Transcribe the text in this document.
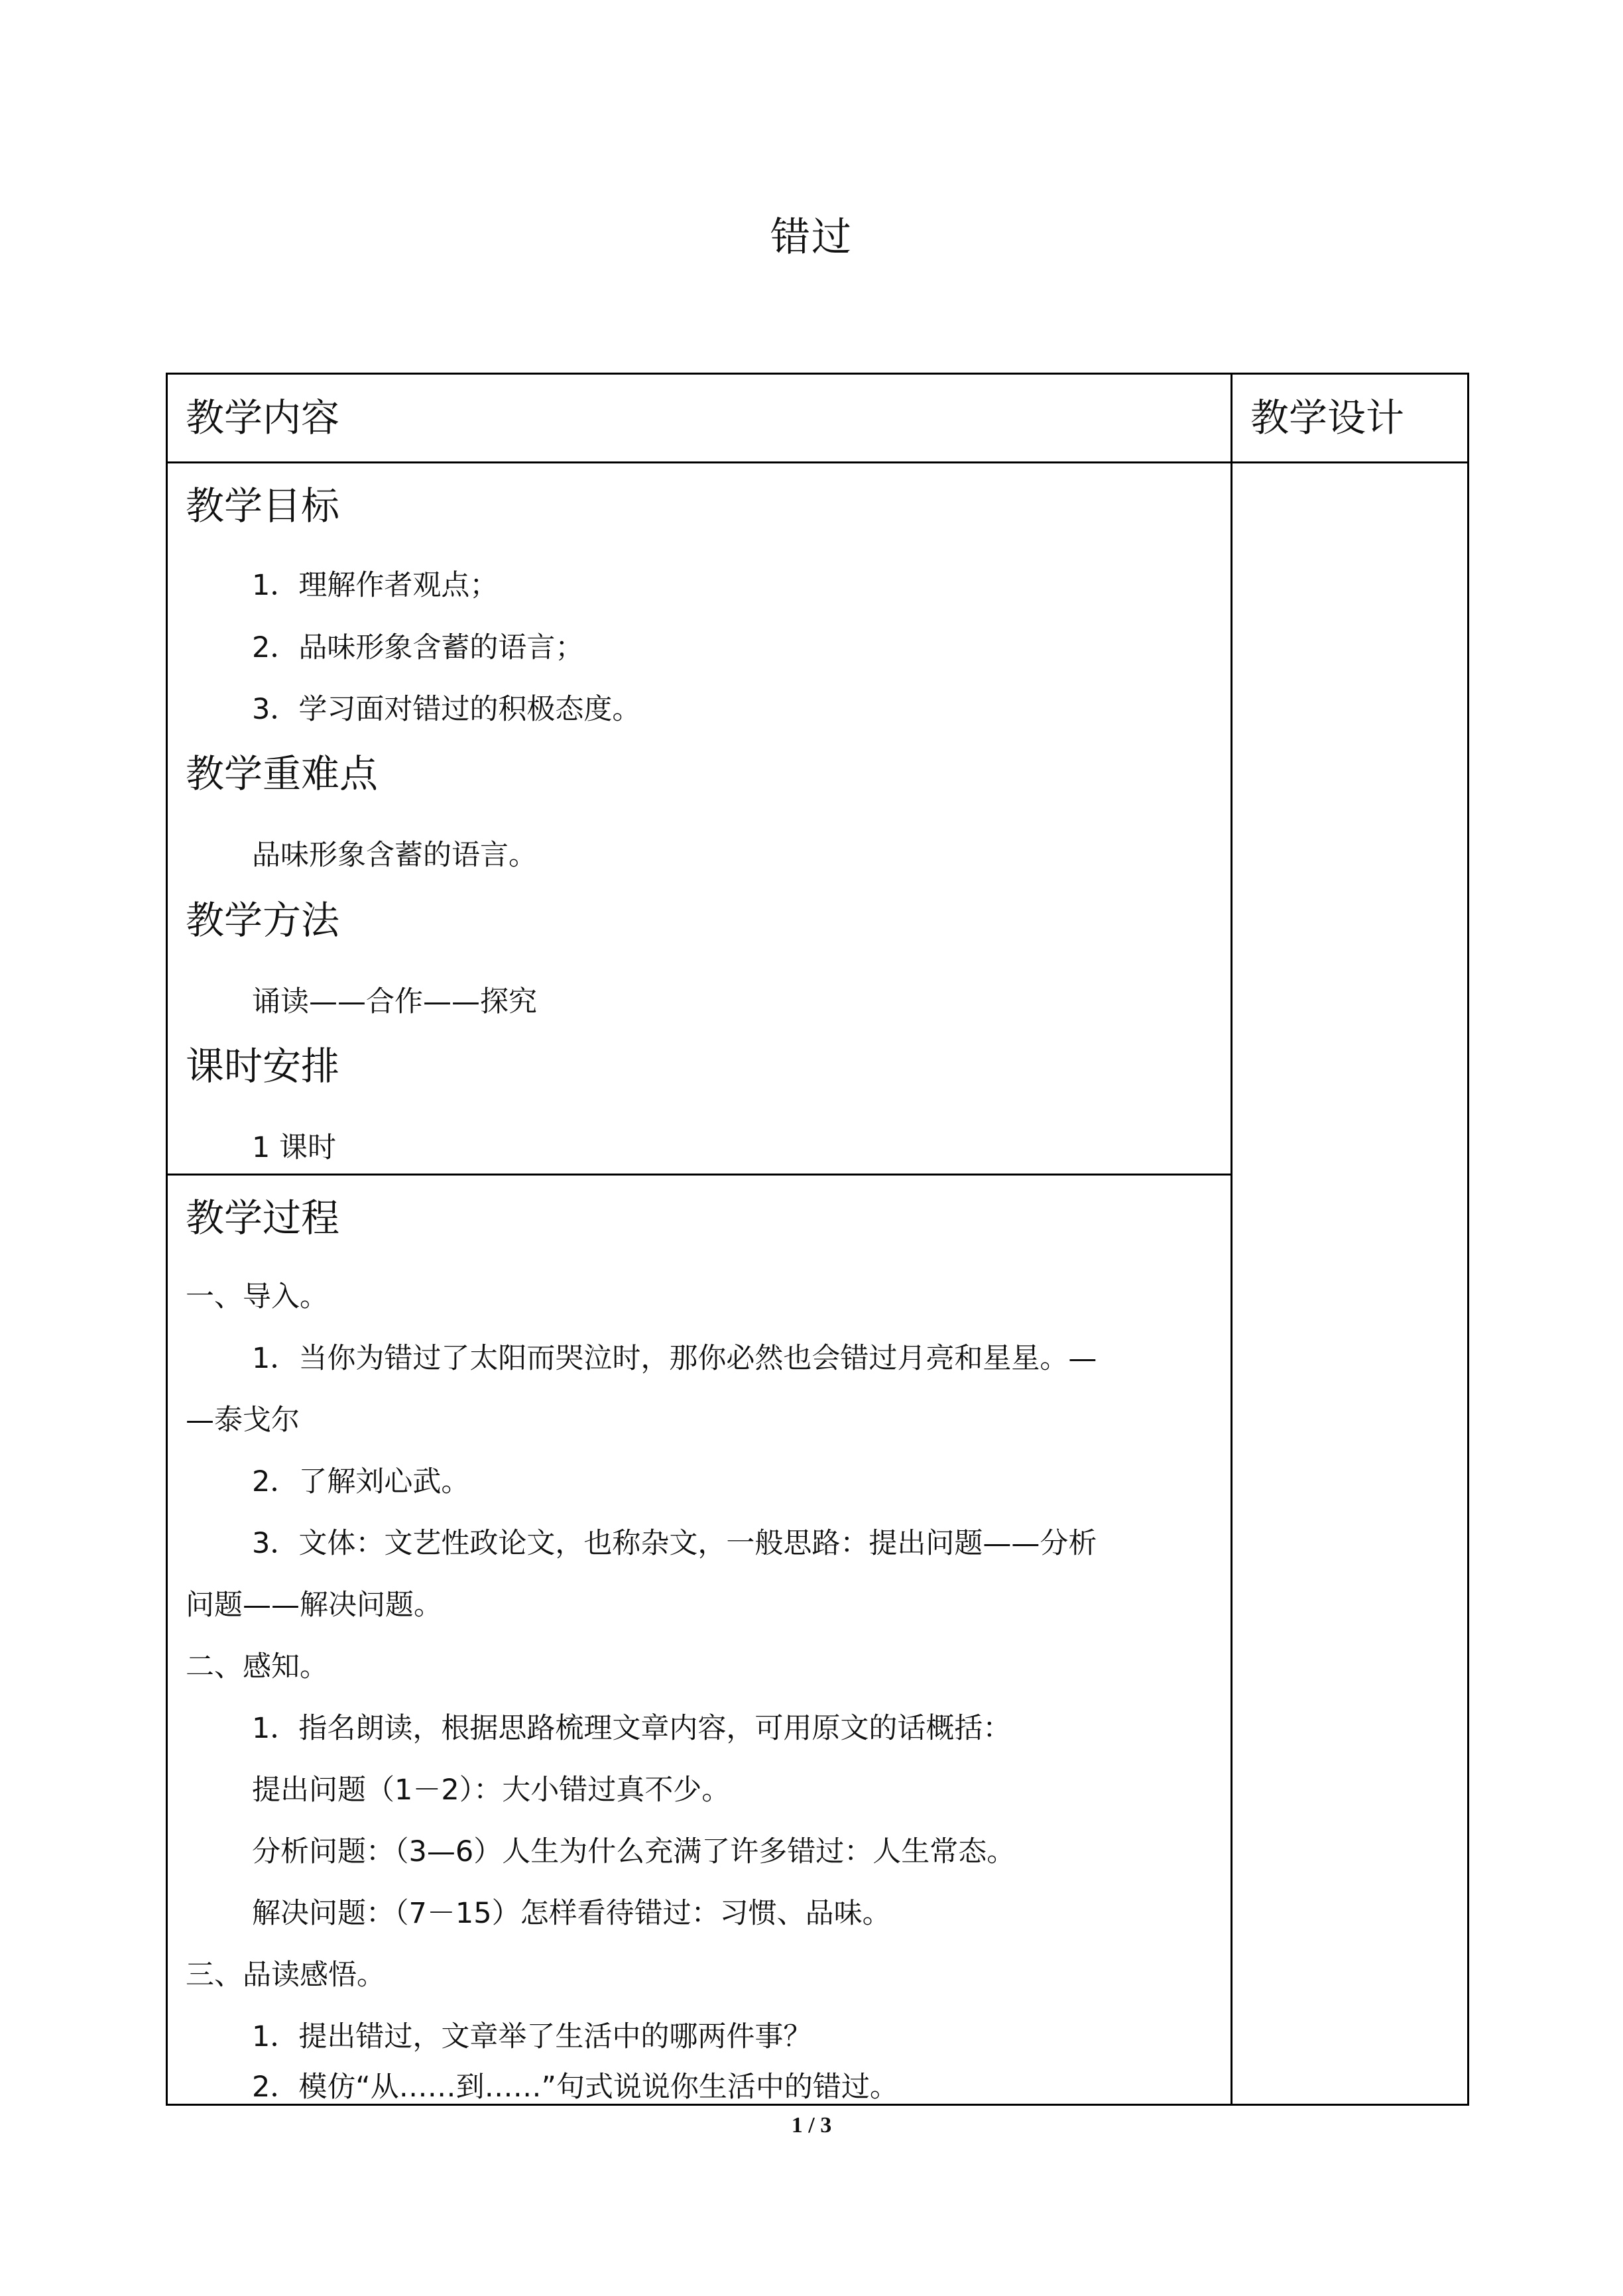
错过
教学内容	教学设计
教学目标
1．理解作者观点；
2．品味形象含蓄的语言；
3．学习面对错过的积极态度。
教学重难点
品味形象含蓄的语言。
教学方法
诵读——合作——探究
课时安排
1 课时
教学过程
一、导入。
1．当你为错过了太阳而哭泣时，那你必然也会错过月亮和星星。—
—泰戈尔
2．了解刘心武。
3．文体：文艺性政论文，也称杂文，一般思路：提出问题——分析
问题——解决问题。
二、感知。
1．指名朗读，根据思路梳理文章内容，可用原文的话概括：
提出问题（1－2）：大小错过真不少。
分析问题：（3—6）人生为什么充满了许多错过：人生常态。
解决问题：（7－15）怎样看待错过：习惯、品味。
三、品读感悟。
1．提出错过，文章举了生活中的哪两件事？
2．模仿“从……到……”句式说说你生活中的错过。
1 / 3
